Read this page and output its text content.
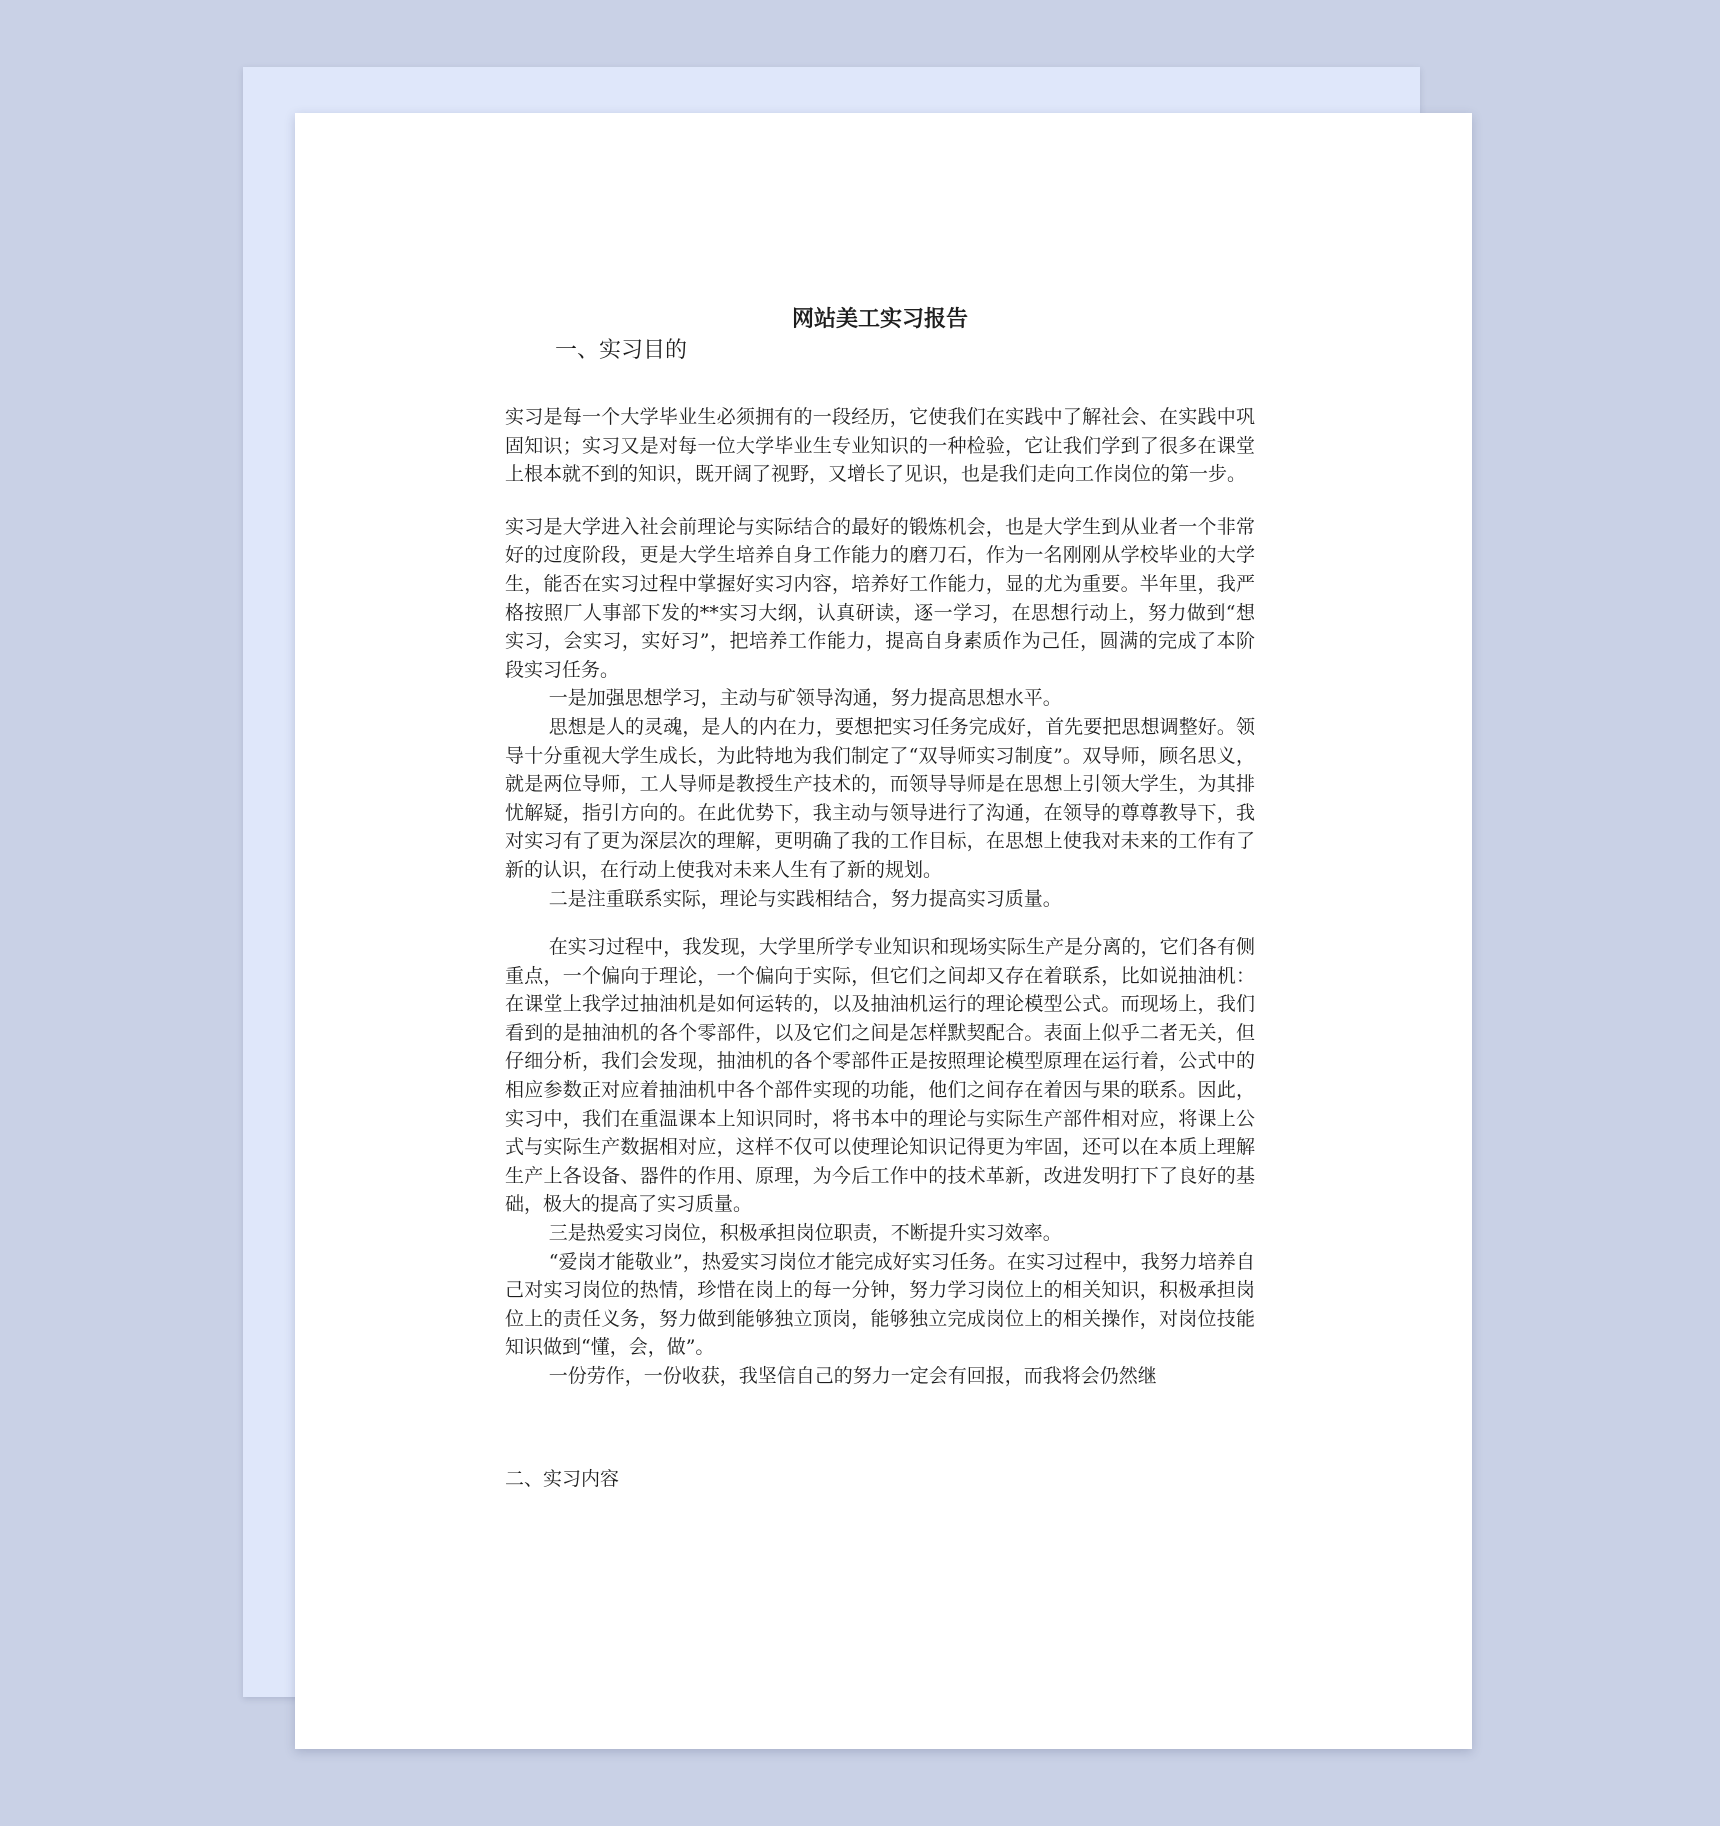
网站美工实习报告
一、实习目的

实习是每一个大学毕业生必须拥有的一段经历，它使我们在实践中了解社会、在实践中巩固知识；实习又是对每一位大学毕业生专业知识的一种检验，它让我们学到了很多在课堂上根本就不到的知识，既开阔了视野，又增长了见识，也是我们走向工作岗位的第一步。

实习是大学进入社会前理论与实际结合的最好的锻炼机会，也是大学生到从业者一个非常好的过度阶段，更是大学生培养自身工作能力的磨刀石，作为一名刚刚从学校毕业的大学生，能否在实习过程中掌握好实习内容，培养好工作能力，显的尤为重要。半年里，我严格按照厂人事部下发的**实习大纲，认真研读，逐一学习，在思想行动上，努力做到“想实习，会实习，实好习”，把培养工作能力，提高自身素质作为己任，圆满的完成了本阶段实习任务。

一是加强思想学习，主动与矿领导沟通，努力提高思想水平。

思想是人的灵魂，是人的内在力，要想把实习任务完成好，首先要把思想调整好。领导十分重视大学生成长，为此特地为我们制定了“双导师实习制度”。双导师，顾名思义，就是两位导师，工人导师是教授生产技术的，而领导导师是在思想上引领大学生，为其排忧解疑，指引方向的。在此优势下，我主动与领导进行了沟通，在领导的尊尊教导下，我对实习有了更为深层次的理解，更明确了我的工作目标，在思想上使我对未来的工作有了新的认识，在行动上使我对未来人生有了新的规划。

二是注重联系实际，理论与实践相结合，努力提高实习质量。

在实习过程中，我发现，大学里所学专业知识和现场实际生产是分离的，它们各有侧重点，一个偏向于理论，一个偏向于实际，但它们之间却又存在着联系，比如说抽油机：在课堂上我学过抽油机是如何运转的，以及抽油机运行的理论模型公式。而现场上，我们看到的是抽油机的各个零部件，以及它们之间是怎样默契配合。表面上似乎二者无关，但仔细分析，我们会发现，抽油机的各个零部件正是按照理论模型原理在运行着，公式中的相应参数正对应着抽油机中各个部件实现的功能，他们之间存在着因与果的联系。因此，实习中，我们在重温课本上知识同时，将书本中的理论与实际生产部件相对应，将课上公式与实际生产数据相对应，这样不仅可以使理论知识记得更为牢固，还可以在本质上理解生产上各设备、器件的作用、原理，为今后工作中的技术革新，改进发明打下了良好的基础，极大的提高了实习质量。

三是热爱实习岗位，积极承担岗位职责，不断提升实习效率。

“爱岗才能敬业”，热爱实习岗位才能完成好实习任务。在实习过程中，我努力培养自己对实习岗位的热情，珍惜在岗上的每一分钟，努力学习岗位上的相关知识，积极承担岗位上的责任义务，努力做到能够独立顶岗，能够独立完成岗位上的相关操作，对岗位技能知识做到“懂，会，做”。

一份劳作，一份收获，我坚信自己的努力一定会有回报，而我将会仍然继

二、实习内容
